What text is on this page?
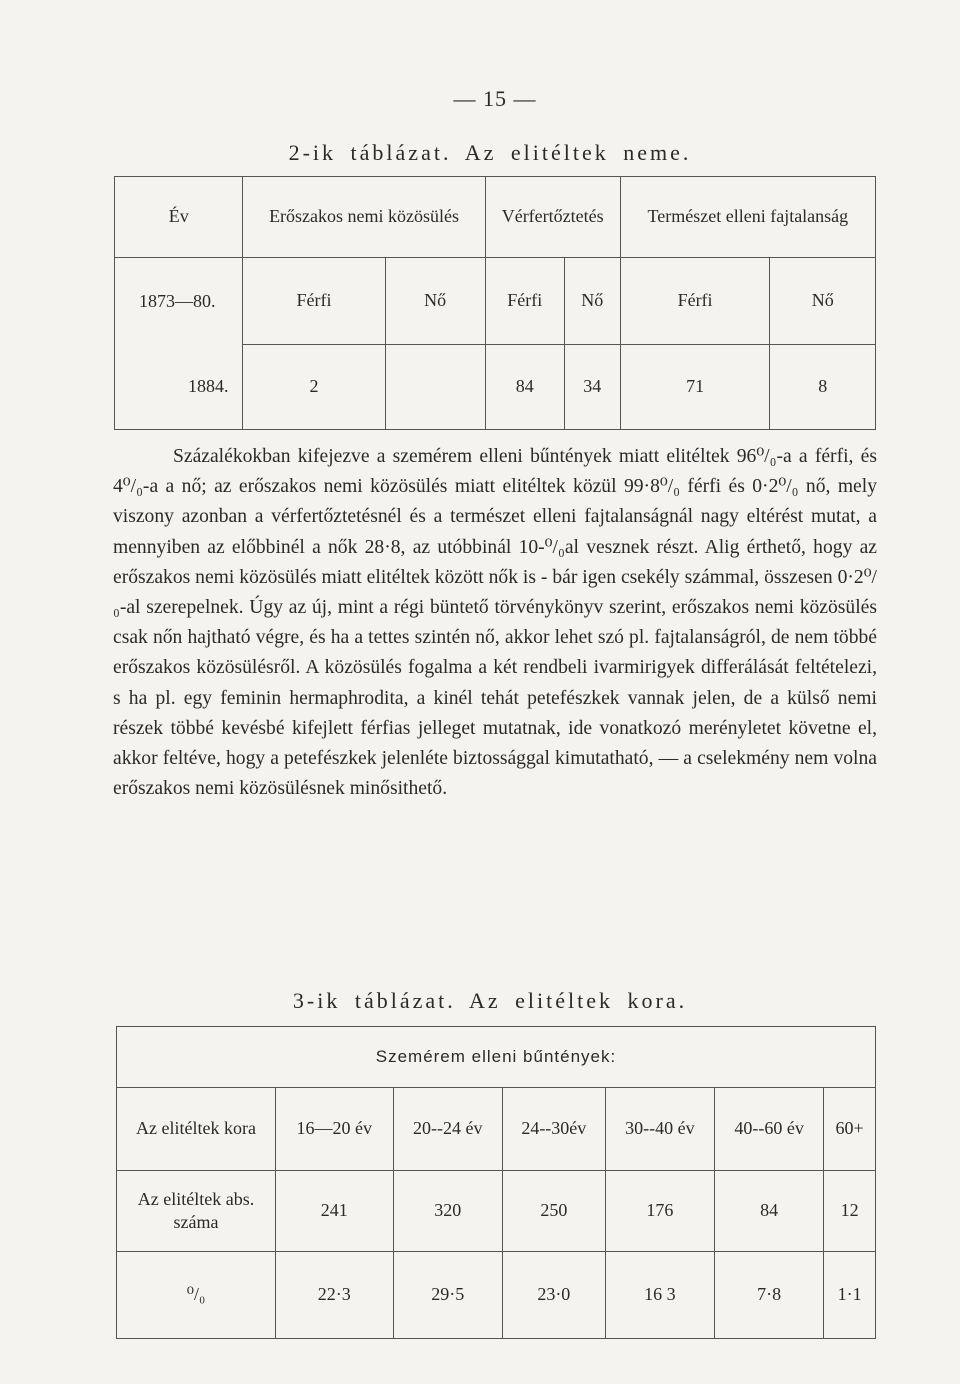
— 15 —
2-ik táblázat. Az elitéltek neme.
Év	Erőszakos nemi közösülés		Vérfertőztetés		Természet elleni fajtalanság	
1873—80.	Férfi	Nő	Férfi	Nő	Férfi	Nő
1884.	2		84	34	71	8

Százalékokban kifejezve a szemérem elleni bűntények miatt elitéltek 96⁰/₀-a a férfi, és 4⁰/₀-a a nő; az erőszakos nemi közösülés miatt elitéltek közül 99·8⁰/₀ férfi és 0·2⁰/₀ nő, mely viszony azonban a vérfertőztetésnél és a természet elleni fajtalanságnál nagy eltérést mutat, a mennyiben az előbbinél a nők 28·8, az utóbbinál 10-⁰/₀al vesznek részt. Alig érthető, hogy az erőszakos nemi közösülés miatt elitéltek között nők is - bár igen csekély számmal, összesen 0·2⁰/₀-al szerepelnek. Úgy az új, mint a régi büntető törvénykönyv szerint, erőszakos nemi közösülés csak nőn hajtható végre, és ha a tettes szintén nő, akkor lehet szó pl. fajtalanságról, de nem többé erőszakos közösülésről. A közösülés fogalma a két rendbeli ivarmirigyek differálását feltételezi, s ha pl. egy feminin hermaphrodita, a kinél tehát petefészkek vannak jelen, de a külső nemi részek többé kevésbé kifejlett férfias jelleget mutatnak, ide vonatkozó merényletet követne el, akkor feltéve, hogy a petefészkek jelenléte biztossággal kimutatható, — a cselekmény nem volna erőszakos nemi közösülésnek minősithető.

3-ik táblázat. Az elitéltek kora.
Szemérem elleni bűntények:						
Az elitéltek kora	16—20 év	20--24 év	24--30év	30--40 év	40--60 év	60+
Az elitéltek abs. száma	241	320	250	176	84	12
⁰/₀	22·3	29·5	23·0	16 3	7·8	1·1
